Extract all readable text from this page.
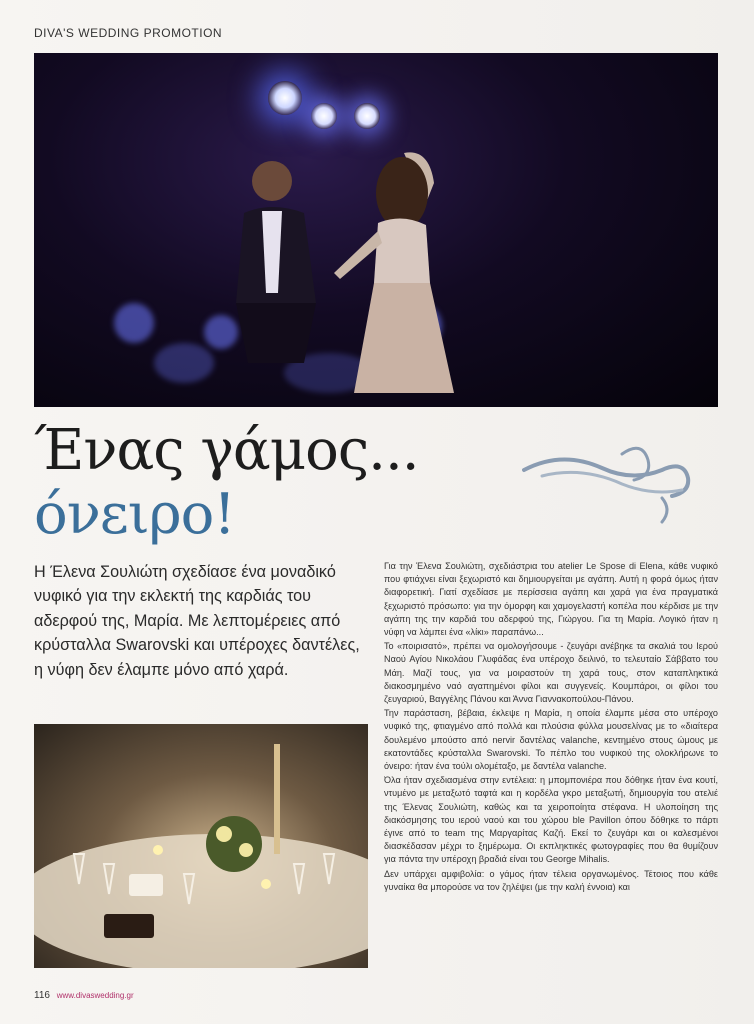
DIVA'S WEDDING PROMOTION
Ένας γάμος...
όνειρο!

Η Έλενα Σουλιώτη σχεδίασε ένα μοναδικό νυφικό για την εκλεκτή της καρδιάς του αδερφού της, Μαρία. Με λεπτομέρειες από κρύσταλλα Swarovski και υπέροχες δαντέλες, η νύφη δεν έλαμπε μόνο από χαρά.

Για την Έλενα Σουλιώτη, σχεδιάστρια του atelier Le Spose di Elena, κάθε νυφικό που φτιάχνει είναι ξεχωριστό και δημιουργείται με αγάπη. Αυτή η φορά όμως ήταν διαφορετική. Γιατί σχεδίασε με περίσσεια αγάπη και χαρά για ένα πραγματικά ξεχωριστό πρόσωπο: για την όμορφη και χαμογελαστή κοπέλα που κέρδισε με την αγάπη της την καρδιά του αδερφού της, Γιώργου. Για τη Μαρία. Λογικό ήταν η νύφη να λάμπει ένα «λίκι» παραπάνω...

Το «ποιρισατό», πρέπει να ομολογήσουμε - ζευγάρι ανέβηκε τα σκαλιά του Ιερού Ναού Αγίου Νικολάου Γλυφάδας ένα υπέροχο δειλινό, το τελευταίο Σάββατο του Μάη. Μαζί τους, για να μοιραστούν τη χαρά τους, στον καταπληκτικά διακοσμημένο ναό αγαπημένοι φίλοι και συγγενείς. Κουμπάροι, οι φίλοι του ζευγαριού, Βαγγέλης Πάνου και Άννα Γιαννακοπούλου-Πάνου.

Την παράσταση, βέβαια, έκλεψε η Μαρία, η οποία έλαμπε μέσα στο υπέροχο νυφικό της, φτιαγμένο από πολλά και πλούσια φύλλα μουσελίνας με το «διαίτερα δουλεμένο μπούστο από nervir δαντέλας valanche, κεντημένο στους ώμους με εκατοντάδες κρύσταλλα Swarovski. Το πέπλο του νυφικού της ολοκλήρωνε το όνειρο: ήταν ένα τούλι ολομέταξο, με δαντέλα valanche.

Όλα ήταν σχεδιασμένα στην εντέλεια: η μπομπονιέρα που δόθηκε ήταν ένα κουτί, ντυμένο με μεταξωτό ταφτά και η κορδέλα γκρο μεταξωτή, δημιουργία του ατελιέ της Έλενας Σουλιώτη, καθώς και τα χειροποίητα στέφανα. Η υλοποίηση της διακόσμησης του ιερού ναού και του χώρου ble Pavillon όπου δόθηκε το πάρτι έγινε από το team της Μαργαρίτας Καζή. Εκεί το ζευγάρι και οι καλεσμένοι διασκέδασαν μέχρι το ξημέρωμα. Οι εκπληκτικές φωτογραφίες που θα θυμίζουν για πάντα την υπέροχη βραδιά είναι του George Mihalis.

Δεν υπάρχει αμφιβολία: ο γάμος ήταν τέλεια οργανωμένος. Τέτοιος που κάθε γυναίκα θα μπορούσε να τον ζηλέψει (με την καλή έννοια) και

116 www.divaswedding.gr
